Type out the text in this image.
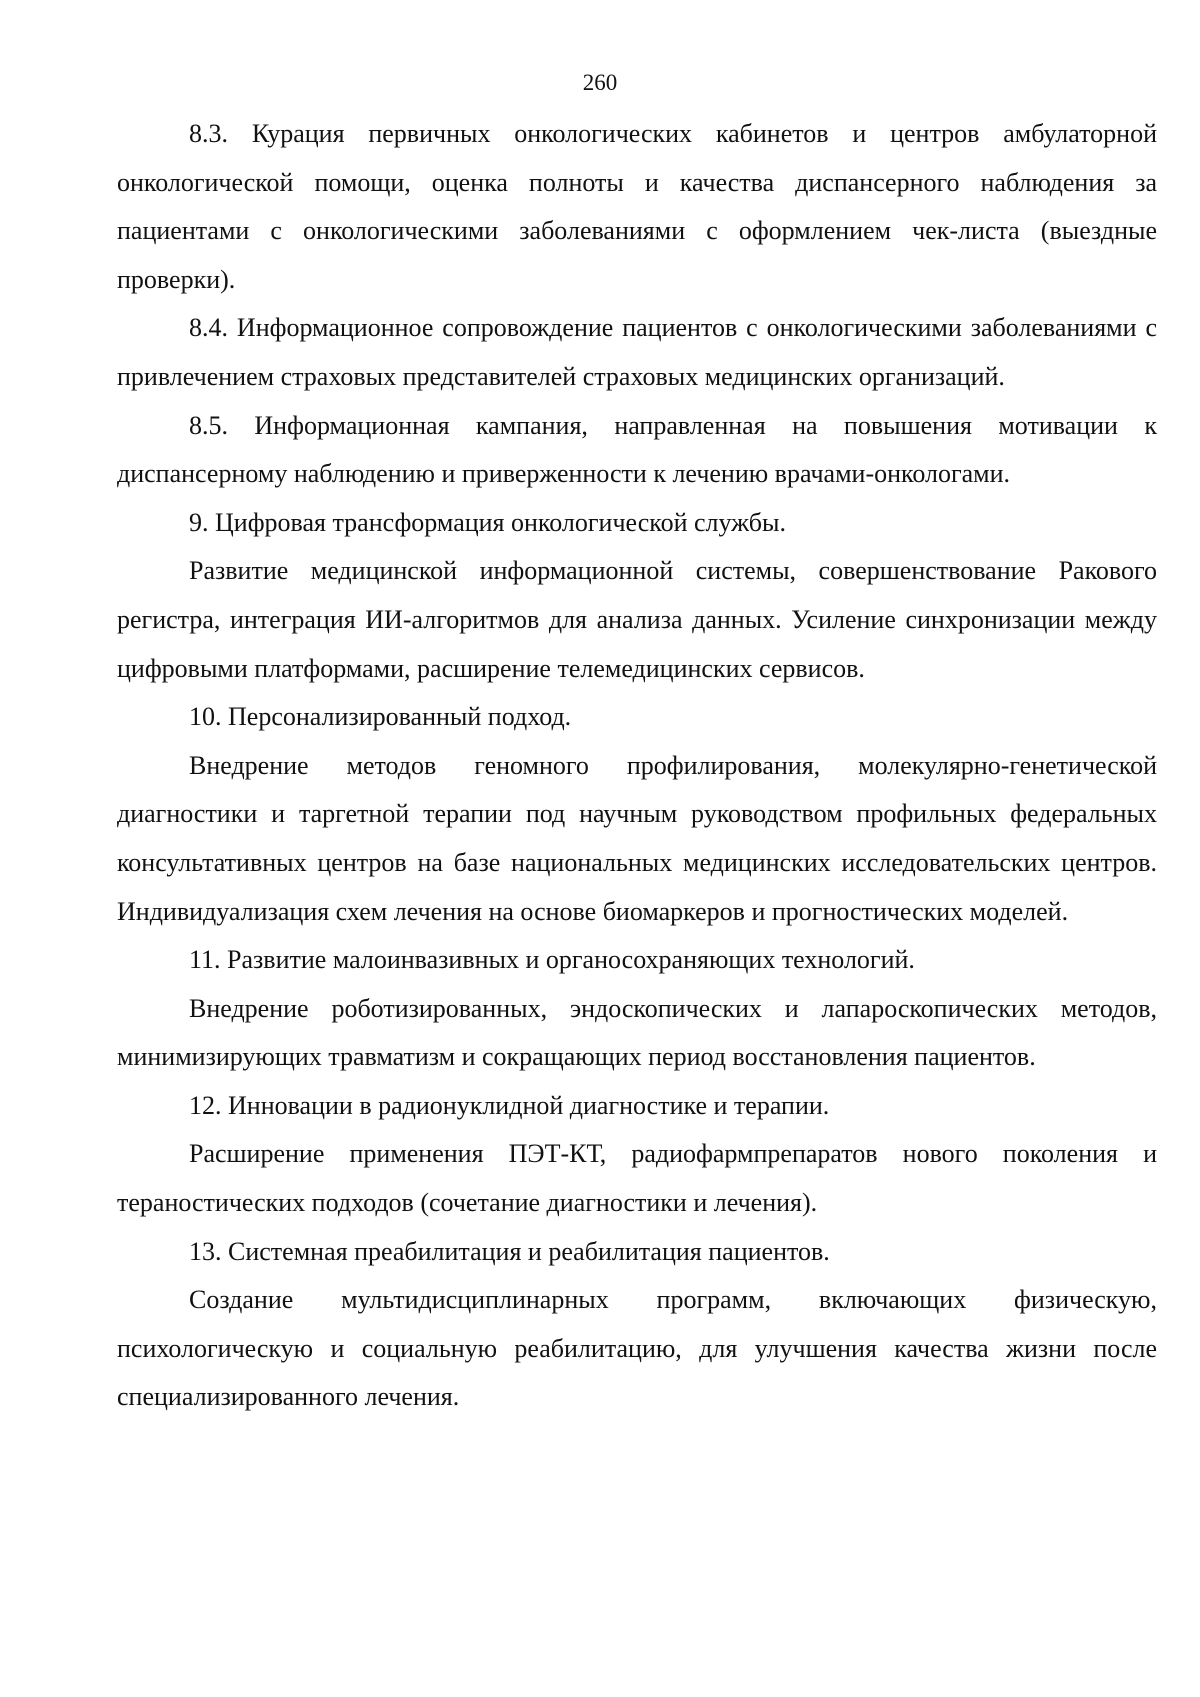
260

8.3. Курация первичных онкологических кабинетов и центров амбулаторной онкологической помощи, оценка полноты и качества диспансерного наблюдения за пациентами с онкологическими заболеваниями с оформлением чек-листа (выездные проверки).

8.4. Информационное сопровождение пациентов с онкологическими заболеваниями с привлечением страховых представителей страховых медицинских организаций.

8.5. Информационная кампания, направленная на повышения мотивации к диспансерному наблюдению и приверженности к лечению врачами-онкологами.

9. Цифровая трансформация онкологической службы.

Развитие медицинской информационной системы, совершенствование Ракового регистра, интеграция ИИ-алгоритмов для анализа данных. Усиление синхронизации между цифровыми платформами, расширение телемедицинских сервисов.

10. Персонализированный подход.

Внедрение методов геномного профилирования, молекулярно-генетической диагностики и таргетной терапии под научным руководством профильных федеральных консультативных центров на базе национальных медицинских исследовательских центров. Индивидуализация схем лечения на основе биомаркеров и прогностических моделей.

11. Развитие малоинвазивных и органосохраняющих технологий.

Внедрение роботизированных, эндоскопических и лапароскопических методов, минимизирующих травматизм и сокращающих период восстановления пациентов.

12. Инновации в радионуклидной диагностике и терапии.

Расширение применения ПЭТ-КТ, радиофармпрепаратов нового поколения и тераностических подходов (сочетание диагностики и лечения).

13. Системная преабилитация и реабилитация пациентов.

Создание мультидисциплинарных программ, включающих физическую, психологическую и социальную реабилитацию, для улучшения качества жизни после специализированного лечения.
